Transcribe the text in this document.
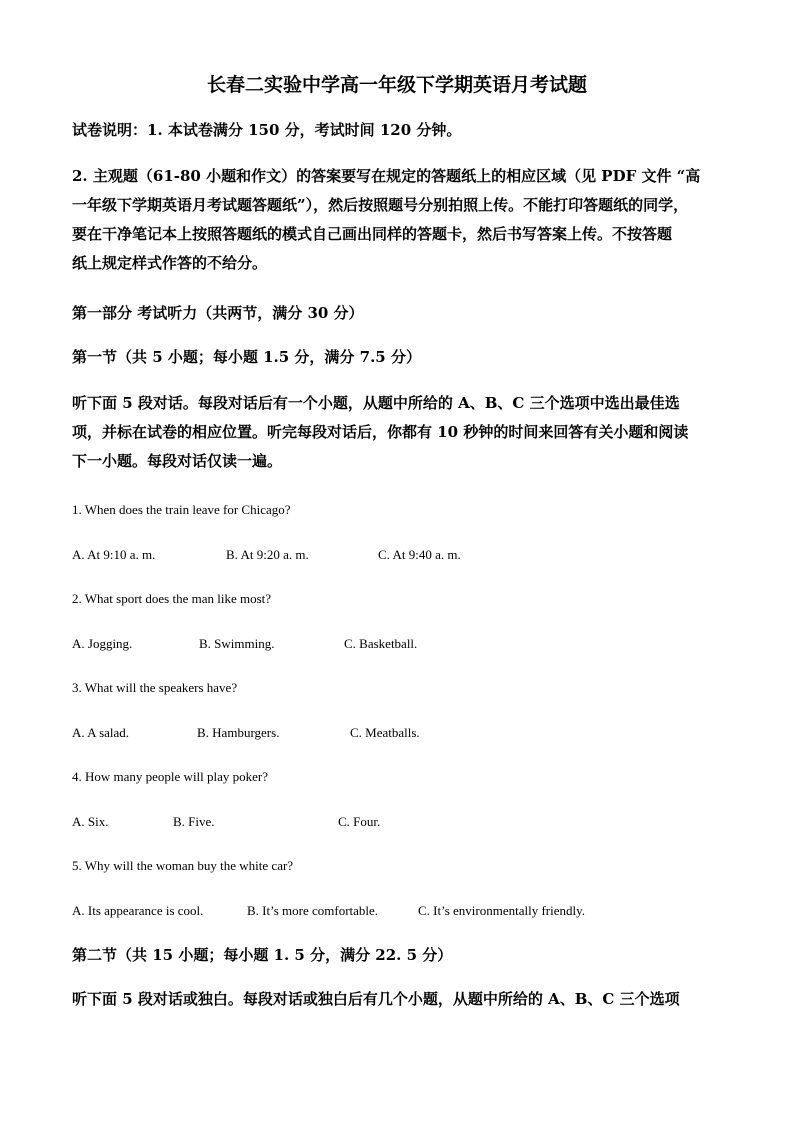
长春二实验中学高一年级下学期英语月考试题
试卷说明：1. 本试卷满分 150 分，考试时间 120 分钟。
2. 主观题（61-80 小题和作文）的答案要写在规定的答题纸上的相应区域（见 PDF 文件 “高
一年级下学期英语月考试题答题纸”），然后按照题号分别拍照上传。不能打印答题纸的同学，
要在干净笔记本上按照答题纸的模式自己画出同样的答题卡，然后书写答案上传。不按答题
纸上规定样式作答的不给分。
第一部分 考试听力（共两节，满分 30 分）
第一节（共 5 小题；每小题 1.5 分，满分 7.5 分）
听下面 5 段对话。每段对话后有一个小题，从题中所给的 A、B、C 三个选项中选出最佳选
项，并标在试卷的相应位置。听完每段对话后，你都有 10 秒钟的时间来回答有关小题和阅读
下一小题。每段对话仅读一遍。
1. When does the train leave for Chicago?
A. At 9:10 a. m.	B. At 9:20 a. m.	C. At 9:40 a. m.
2. What sport does the man like most?
A. Jogging.	B. Swimming.	C. Basketball.
3. What will the speakers have?
A. A salad.	B. Hamburgers.	C. Meatballs.
4. How many people will play poker?
A. Six.	B. Five.	C. Four.
5. Why will the woman buy the white car?
A. Its appearance is cool.	B. It’s more comfortable.	C. It’s environmentally friendly.
第二节（共 15 小题；每小题 1. 5 分，满分 22. 5 分）
听下面 5 段对话或独白。每段对话或独白后有几个小题，从题中所给的 A、B、C 三个选项
